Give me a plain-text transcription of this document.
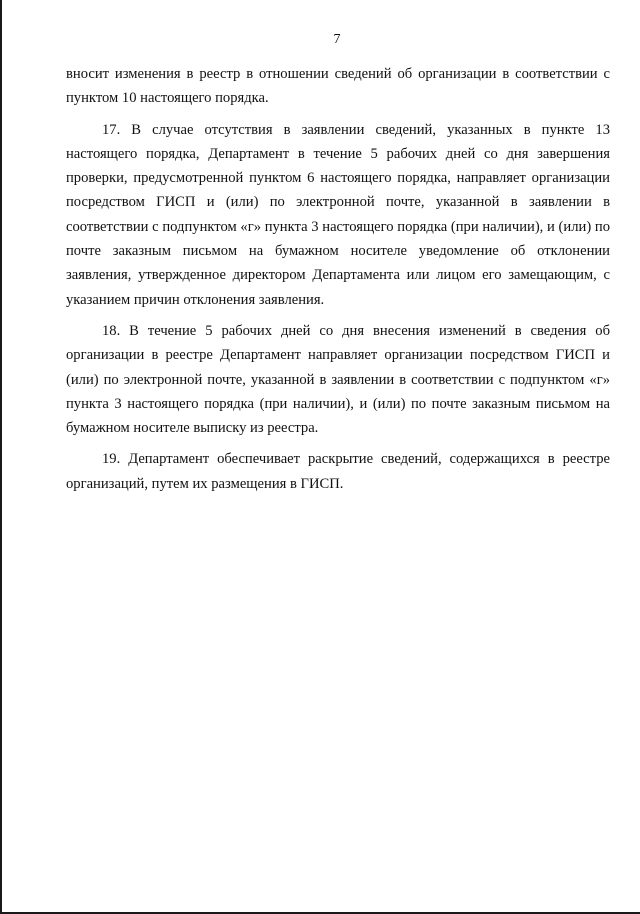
7

вносит изменения в реестр в отношении сведений об организации в соответствии с пунктом 10 настоящего порядка.

17. В случае отсутствия в заявлении сведений, указанных в пункте 13 настоящего порядка, Департамент в течение 5 рабочих дней со дня завершения проверки, предусмотренной пунктом 6 настоящего порядка, направляет организации посредством ГИСП и (или) по электронной почте, указанной в заявлении в соответствии с подпунктом «г» пункта 3 настоящего порядка (при наличии), и (или) по почте заказным письмом на бумажном носителе уведомление об отклонении заявления, утвержденное директором Департамента или лицом его замещающим, с указанием причин отклонения заявления.

18. В течение 5 рабочих дней со дня внесения изменений в сведения об организации в реестре Департамент направляет организации посредством ГИСП и (или) по электронной почте, указанной в заявлении в соответствии с подпунктом «г» пункта 3 настоящего порядка (при наличии), и (или) по почте заказным письмом на бумажном носителе выписку из реестра.

19. Департамент обеспечивает раскрытие сведений, содержащихся в реестре организаций, путем их размещения в ГИСП.
